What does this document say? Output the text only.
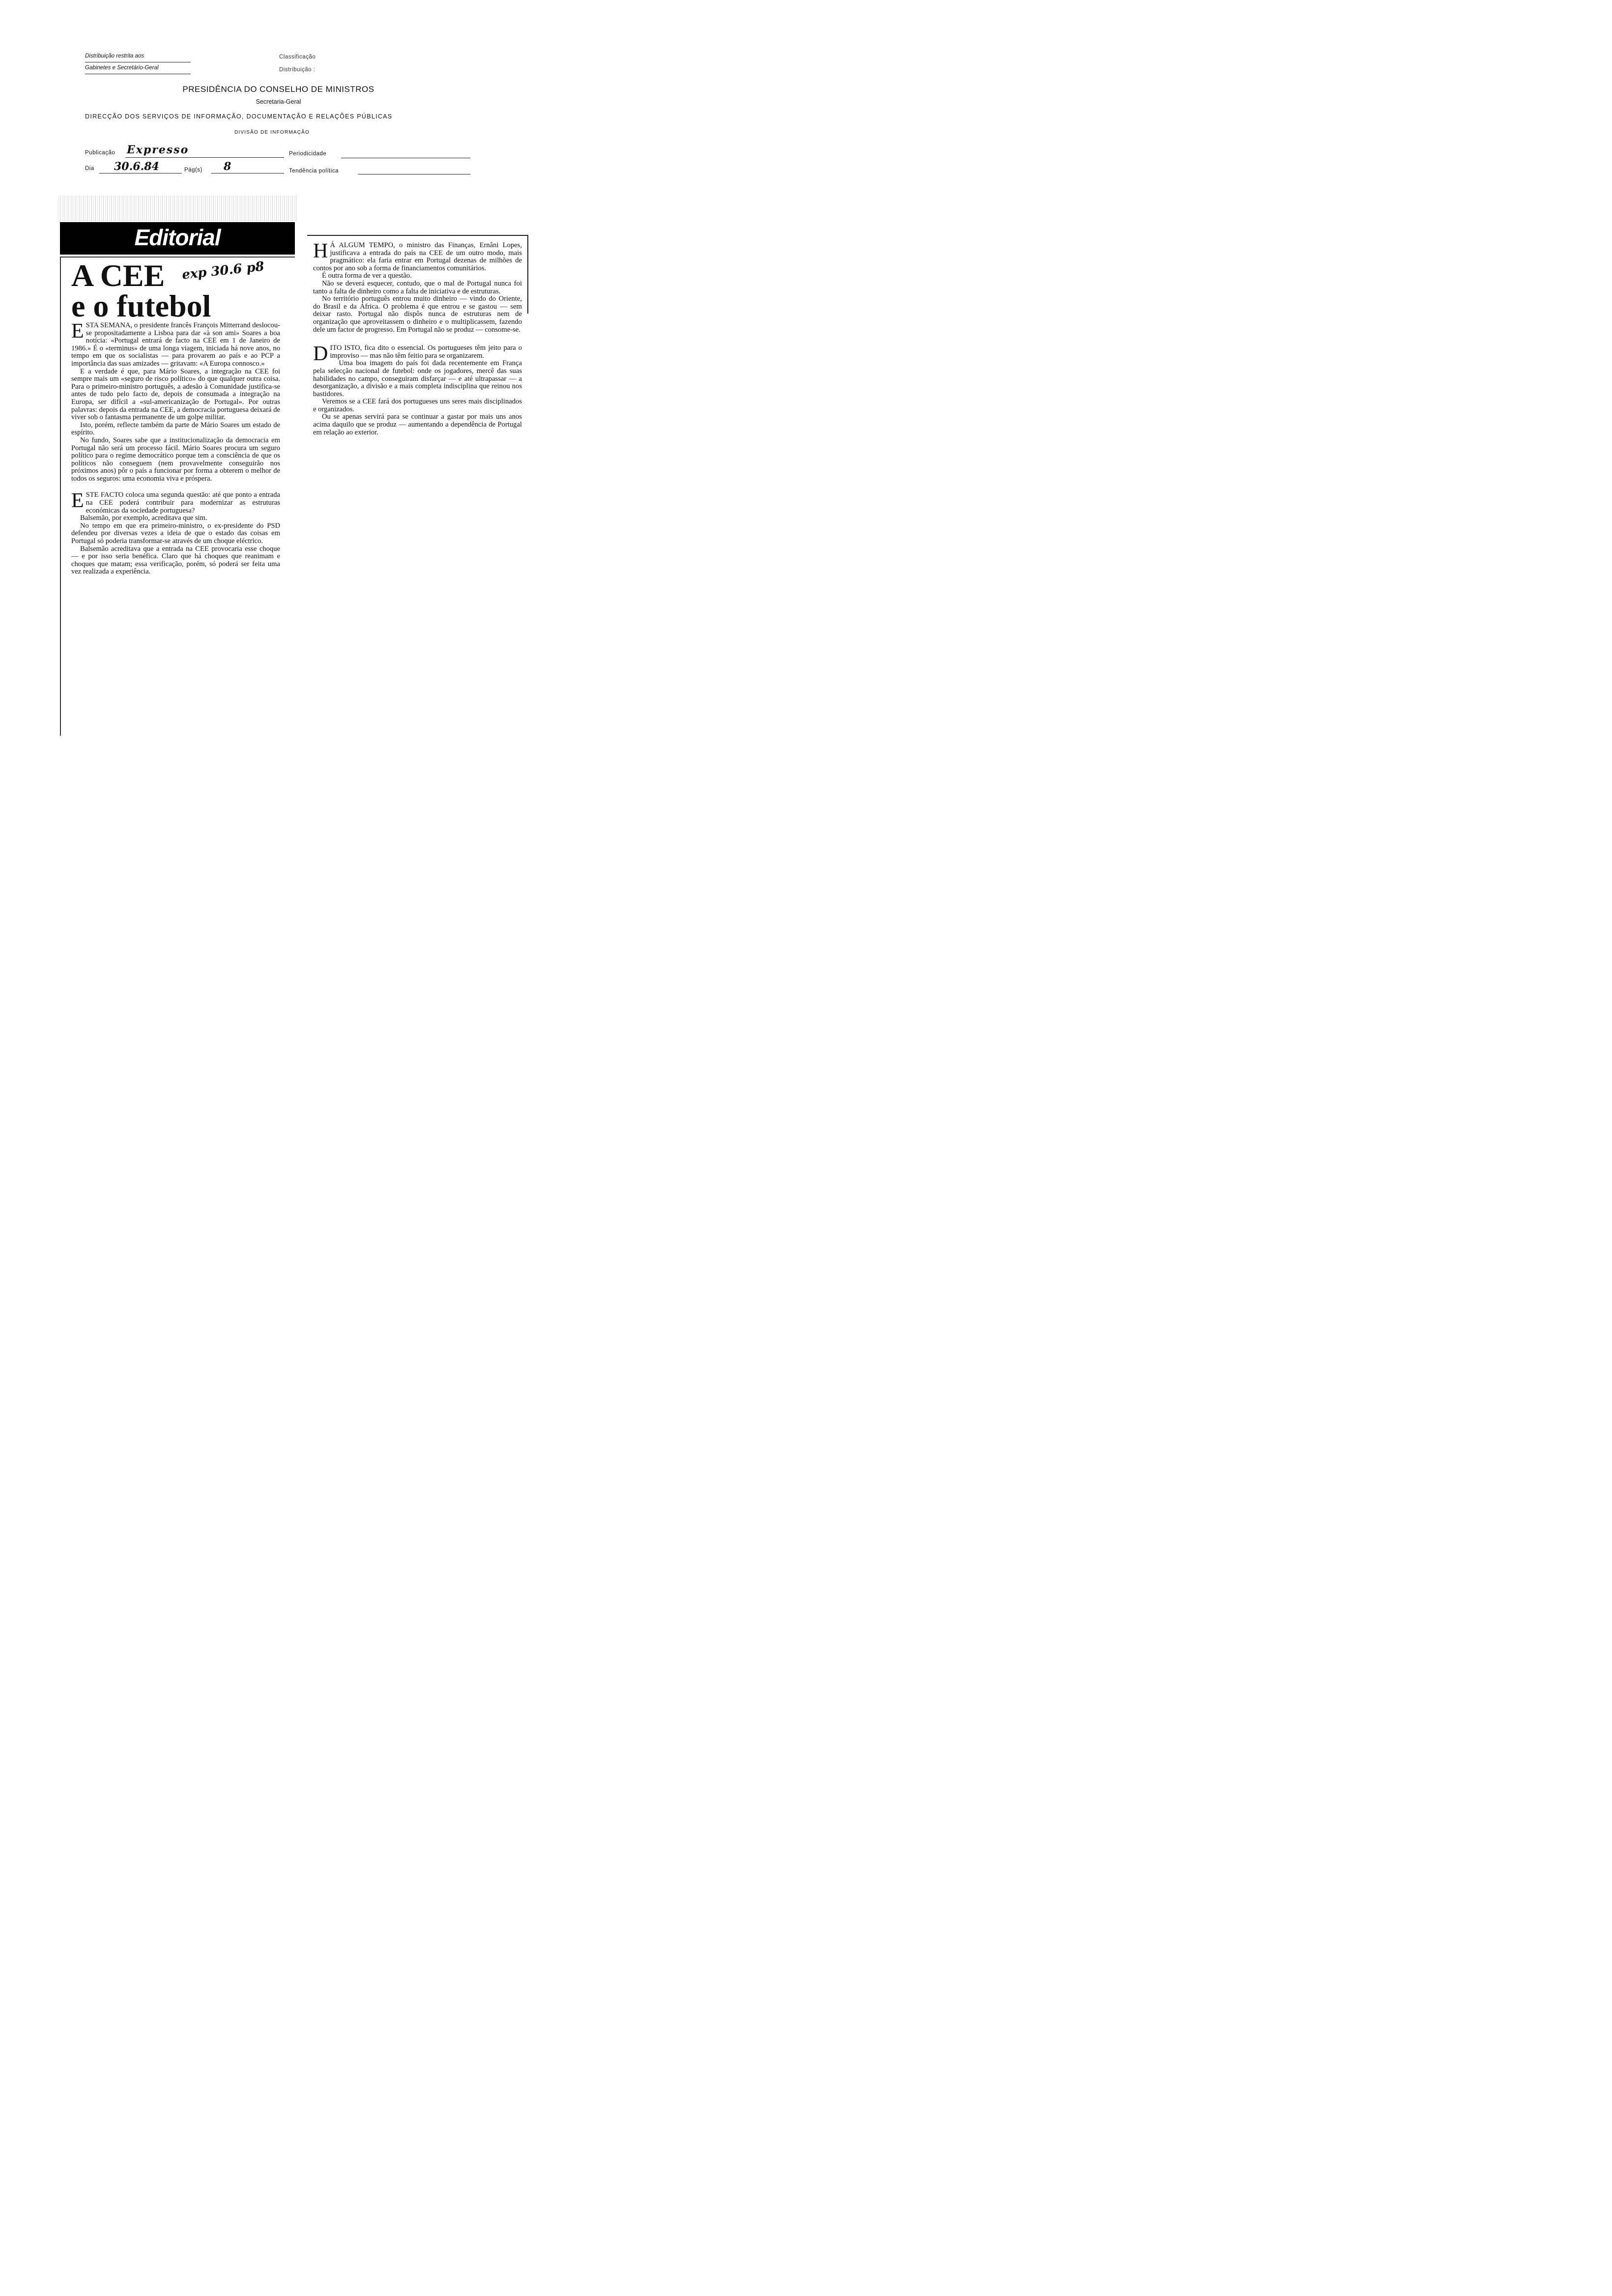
Distribuição restrita aos
Gabinetes e Secretário-Geral
Classificação
Distribuição :
PRESIDÊNCIA DO CONSELHO DE MINISTROS
Secretaria-Geral
DIRECÇÃO DOS SERVIÇOS DE INFORMAÇÃO, DOCUMENTAÇÃO E RELAÇÕES PÚBLICAS
DIVISÃO DE INFORMAÇÃO
Publicação Expresso	Periodicidade
Dia 30.6.84	Pág(s) 8	Tendência política
Editorial
A CEE
e o futebol
exp 30.6 p8

ESTA SEMANA, o presidente francês François Mitterrand deslocou-se propositadamente a Lisboa para dar «à son ami» Soares a boa notícia: «Portugal entrará de facto na CEE em 1 de Janeiro de 1986.» É o «terminus» de uma longa viagem, iniciada há nove anos, no tempo em que os socialistas — para provarem ao país e ao PCP a importância das suas amizades — gritavam: «A Europa connosco.»

E a verdade é que, para Mário Soares, a integração na CEE foi sempre mais um «seguro de risco político» do que qualquer outra coisa. Para o primeiro-ministro português, a adesão à Comunidade justifica-se antes de tudo pelo facto de, depois de consumada a integração na Europa, ser difícil a «sul-americanização de Portugal». Por outras palavras: depois da entrada na CEE, a democracia portuguesa deixará de viver sob o fantasma permanente de um golpe militar.

Isto, porém, reflecte também da parte de Mário Soares um estado de espírito.

No fundo, Soares sabe que a institucionalização da democracia em Portugal não será um processo fácil. Mário Soares procura um seguro político para o regime democrático porque tem a consciência de que os políticos não conseguem (nem provavelmente conseguirão nos próximos anos) pôr o país a funcionar por forma a obterem o melhor de todos os seguros: uma economia viva e próspera.

ESTE FACTO coloca uma segunda questão: até que ponto a entrada na CEE poderá contribuir para modernizar as estruturas económicas da sociedade portuguesa?

Balsemão, por exemplo, acreditava que sim.

No tempo em que era primeiro-ministro, o ex-presidente do PSD defendeu por diversas vezes a ideia de que o estado das coisas em Portugal só poderia transformar-se através de um choque eléctrico.

Balsemão acreditava que a entrada na CEE provocaria esse choque — e por isso seria benéfica. Claro que há choques que reanimam e choques que matam; essa verificação, porém, só poderá ser feita uma vez realizada a experiência.

H Á ALGUM TEMPO, o ministro das Finanças, Ernâni Lopes, justificava a entrada do país na CEE de um outro modo, mais pragmático: ela faria entrar em Portugal dezenas de milhões de contos por ano sob a forma de financiamentos comunitários.

É outra forma de ver a questão.

Não se deverá esquecer, contudo, que o mal de Portugal nunca foi tanto a falta de dinheiro como a falta de iniciativa e de estruturas.

No território português entrou muito dinheiro — vindo do Oriente, do Brasil e da África. O problema é que entrou e se gastou — sem deixar rasto. Portugal não dispôs nunca de estruturas nem de organização que aproveitassem o dinheiro e o multiplicassem, fazendo dele um factor de progresso. Em Portugal não se produz — consome-se.

DITO ISTO, fica dito o essencial. Os portugueses têm jeito para o improviso — mas não têm feitio para se organizarem.

Uma boa imagem do país foi dada recentemente em França pela selecção nacional de futebol: onde os jogadores, mercê das suas habilidades no campo, conseguiram disfarçar — e até ultrapassar — a desorganização, a divisão e a mais completa indisciplina que reinou nos bastidores.

Veremos se a CEE fará dos portugueses uns seres mais disciplinados e organizados.

Ou se apenas servirá para se continuar a gastar por mais uns anos acima daquilo que se produz — aumentando a dependência de Portugal em relação ao exterior.
